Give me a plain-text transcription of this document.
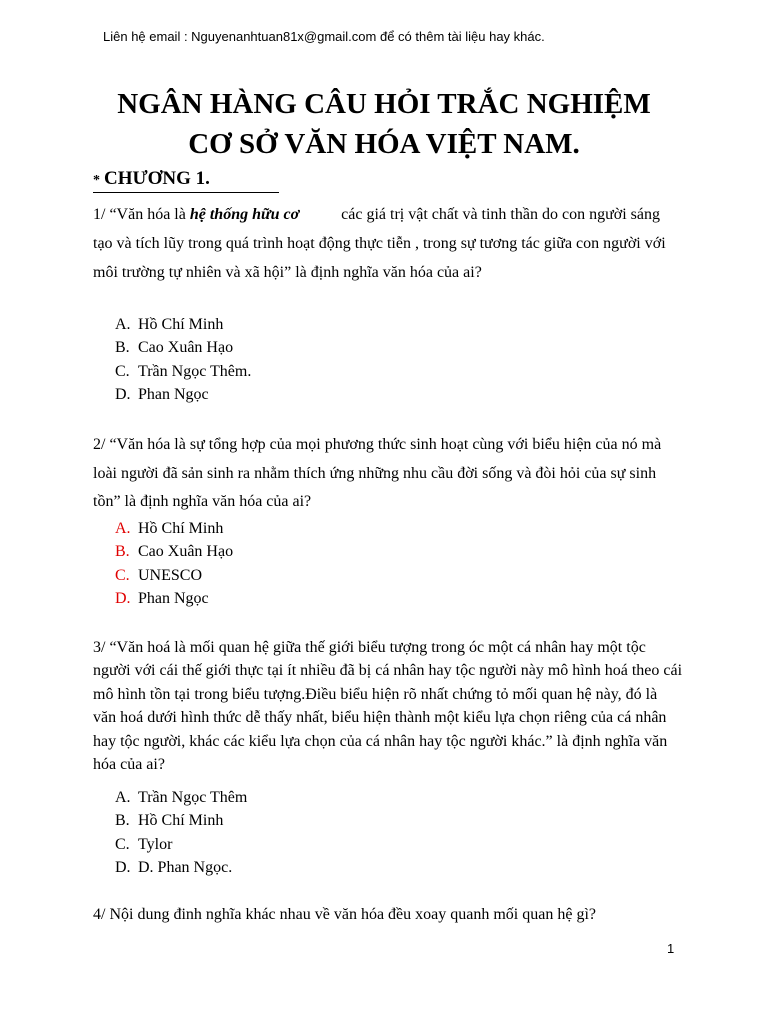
Liên hệ email : Nguyenanhtuan81x@gmail.com để có thêm tài liệu hay khác.
NGÂN HÀNG CÂU HỎI TRẮC NGHIỆM
CƠ SỞ VĂN HÓA VIỆT NAM.
* CHƯƠNG 1.
1/ “Văn hóa là hệ thống hữu cơ	các giá trị vật chất và tinh thần do con người sáng tạo và tích lũy trong quá trình hoạt động thực tiễn , trong sự tương tác giữa con người với môi trường tự nhiên và xã hội” là định nghĩa văn hóa của ai?
A. Hồ Chí Minh
B. Cao Xuân Hạo
C. Trần Ngọc Thêm.
D. Phan Ngọc
2/ “Văn hóa là sự tổng hợp của mọi phương thức sinh hoạt cùng với biểu hiện của nó mà loài người đã sản sinh ra nhằm thích ứng những nhu cầu đời sống và đòi hỏi của sự sinh tồn” là định nghĩa văn hóa của ai?
A. Hồ Chí Minh
B. Cao Xuân Hạo
C. UNESCO
D. Phan Ngọc
3/ “Văn hoá là mối quan hệ giữa thế giới biểu tượng trong óc một cá nhân hay một tộc người với cái thế giới thực tại ít nhiều đã bị cá nhân hay tộc người này mô hình hoá theo cái mô hình tồn tại trong biểu tượng.Điều biểu hiện rõ nhất chứng tỏ mối quan hệ này, đó là văn hoá dưới hình thức dễ thấy nhất, biểu hiện thành một kiểu lựa chọn riêng của cá nhân hay tộc người, khác các kiểu lựa chọn của cá nhân hay tộc người khác.” là định nghĩa văn hóa của ai?
A. Trần Ngọc Thêm
B. Hồ Chí Minh
C. Tylor
D. D. Phan Ngọc.
4/ Nội dung đinh nghĩa khác nhau về văn hóa đều xoay quanh mối quan hệ gì?
1
